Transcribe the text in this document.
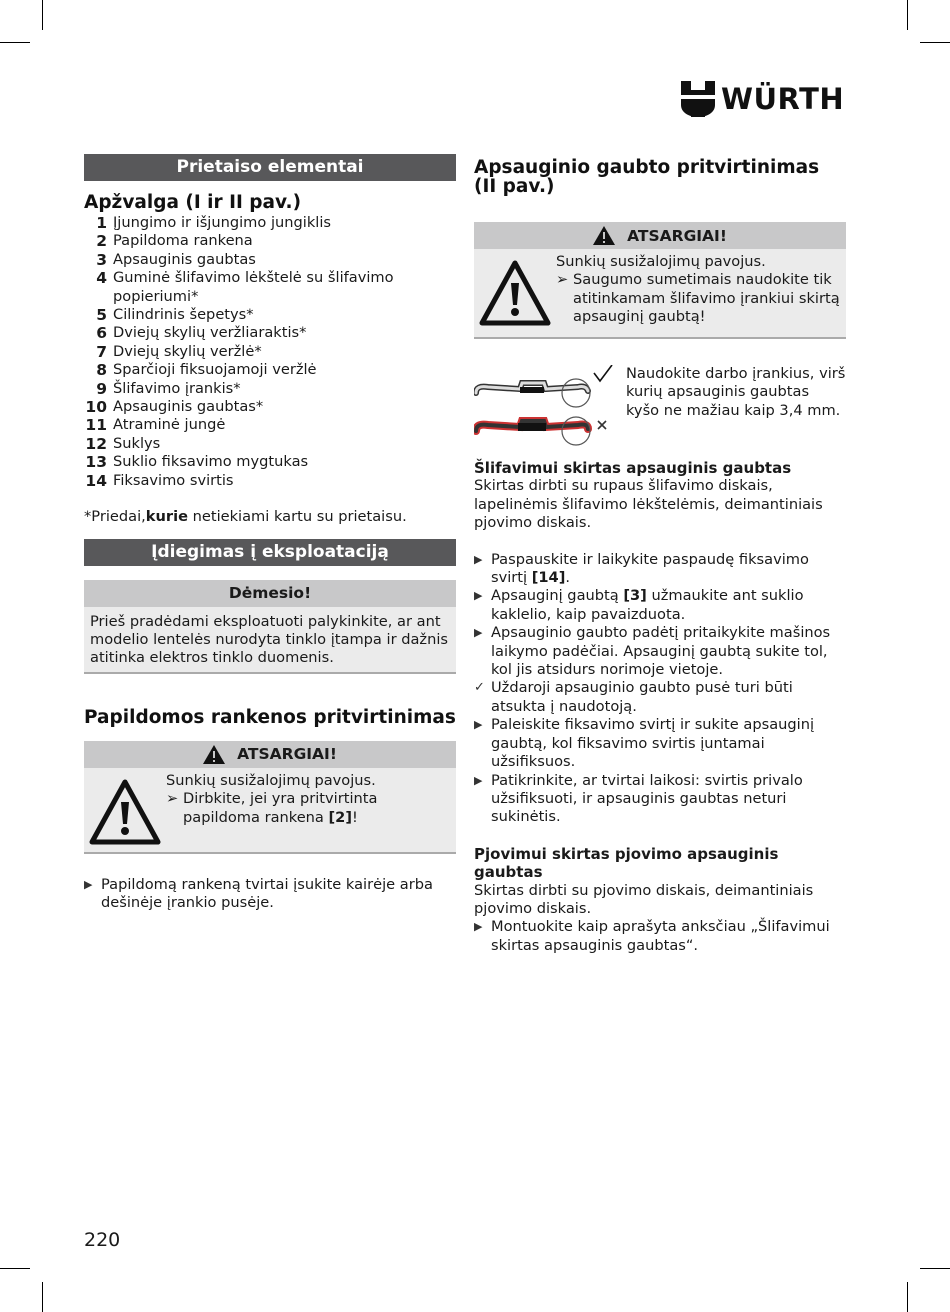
WÜRTH
Prietaiso elementai
Apžvalga (I ir II pav.)
1 Įjungimo ir išjungimo jungiklis
2 Papildoma rankena
3 Apsauginis gaubtas
4 Guminė šlifavimo lėkštelė su šlifavimo popieriumi*
5 Cilindrinis šepetys*
6 Dviejų skylių veržliaraktis*
7 Dviejų skylių veržlė*
8 Sparčioji fiksuojamoji veržlė
9 Šlifavimo įrankis*
10 Apsauginis gaubtas*
11 Atraminė jungė
12 Suklys
13 Suklio fiksavimo mygtukas
14 Fiksavimo svirtis
*Priedai,kurie netiekiami kartu su prietaisu.
Įdiegimas į eksploataciją
Dėmesio!
Prieš pradėdami eksploatuoti palykinkite, ar ant modelio lentelės nurodyta tinklo įtampa ir dažnis atitinka elektros tinklo duomenis.
Papildomos rankenos pritvirtinimas
ATSARGIAI!
Sunkių susižalojimų pavojus.
➢ Dirbkite, jei yra pritvirtinta papildoma rankena [2]!
▶ Papildomą rankeną tvirtai įsukite kairėje arba dešinėje įrankio pusėje.
Apsauginio gaubto pritvirtinimas (II pav.)
ATSARGIAI!
Sunkių susižalojimų pavojus.
➢ Saugumo sumetimais naudokite tik atitinkamam šlifavimo įrankiui skirtą apsauginį gaubtą!
Naudokite darbo įrankius, virš kurių apsauginis gaubtas kyšo ne mažiau kaip 3,4 mm.
Šlifavimui skirtas apsauginis gaubtas
Skirtas dirbti su rupaus šlifavimo diskais, lapelinėmis šlifavimo lėkštelėmis, deimantiniais pjovimo diskais.
▶ Paspauskite ir laikykite paspaudę fiksavimo svirtį [14].
▶ Apsauginį gaubtą [3] užmaukite ant suklio kaklelio, kaip pavaizduota.
▶ Apsauginio gaubto padėtį pritaikykite mašinos laikymo padėčiai. Apsauginį gaubtą sukite tol, kol jis atsidurs norimoje vietoje.
✓ Uždaroji apsauginio gaubto pusė turi būti atsukta į naudotoją.
▶ Paleiskite fiksavimo svirtį ir sukite apsauginį gaubtą, kol fiksavimo svirtis įuntamai užsifiksuos.
▶ Patikrinkite, ar tvirtai laikosi: svirtis privalo užsifiksuoti, ir apsauginis gaubtas neturi sukinėtis.
Pjovimui skirtas pjovimo apsauginis gaubtas
Skirtas dirbti su pjovimo diskais, deimantiniais pjovimo diskais.
▶ Montuokite kaip aprašyta anksčiau „Šlifavimui skirtas apsauginis gaubtas“.
220
